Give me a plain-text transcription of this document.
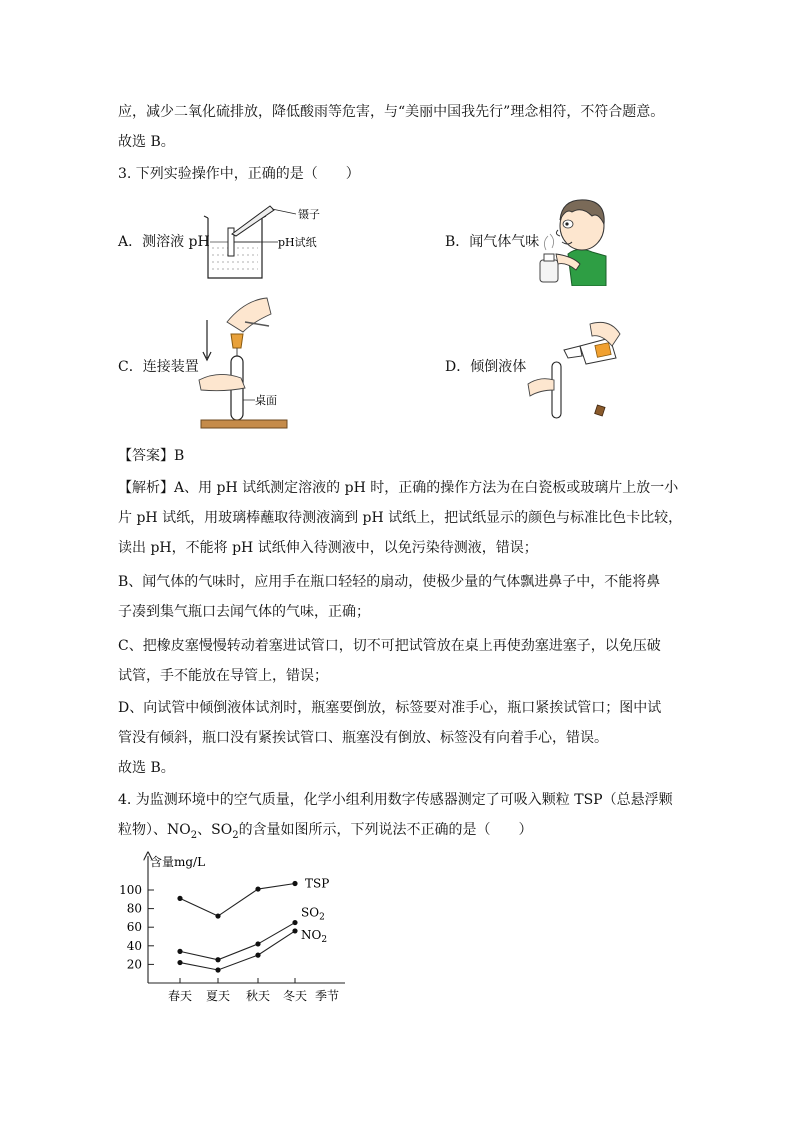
应，减少二氧化硫排放，降低酸雨等危害，与“美丽中国我先行”理念相符，不符合题意。
故选 B。
3. 下列实验操作中，正确的是（　　）
A．测溶液 pH
镊子
pH试纸	B．闻气体气味
C．连接装置
桌面
D．倾倒液体
【答案】B
【解析】A、用 pH 试纸测定溶液的 pH 时，正确的操作方法为在白瓷板或玻璃片上放一小
片 pH 试纸，用玻璃棒蘸取待测液滴到 pH 试纸上，把试纸显示的颜色与标准比色卡比较，
读出 pH，不能将 pH 试纸伸入待测液中，以免污染待测液，错误；
B、闻气体的气味时，应用手在瓶口轻轻的扇动，使极少量的气体飘进鼻子中，不能将鼻
子凑到集气瓶口去闻气体的气味，正确；
C、把橡皮塞慢慢转动着塞进试管口，切不可把试管放在桌上再使劲塞进塞子，以免压破
试管，手不能放在导管上，错误；
D、向试管中倾倒液体试剂时，瓶塞要倒放，标签要对准手心，瓶口紧挨试管口；图中试
管没有倾斜，瓶口没有紧挨试管口、瓶塞没有倒放、标签没有向着手心，错误。
故选 B。
4. 为监测环境中的空气质量，化学小组利用数字传感器测定了可吸入颗粒 TSP（总悬浮颗
粒物）、$NO_2$、$SO_2$的含量如图所示，下列说法不正确的是（　　）
含量mg/L
20
40
60
80
100
春天 夏天 秋天 冬天 季节
TSP
$SO_2$
$NO_2$
